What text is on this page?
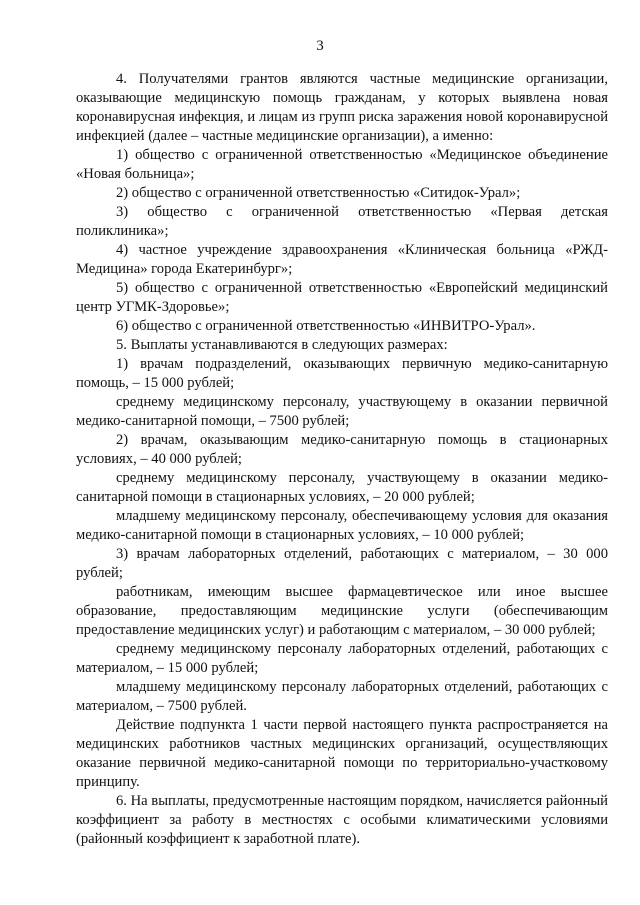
3

4. Получателями грантов являются частные медицинские организации, оказывающие медицинскую помощь гражданам, у которых выявлена новая коронавирусная инфекция, и лицам из групп риска заражения новой коронавирусной инфекцией (далее – частные медицинские организации), а именно:

1) общество с ограниченной ответственностью «Медицинское объединение «Новая больница»;

2) общество с ограниченной ответственностью «Ситидок-Урал»;

3) общество с ограниченной ответственностью «Первая детская поликлиника»;

4) частное учреждение здравоохранения «Клиническая больница «РЖД-Медицина» города Екатеринбург»;

5) общество с ограниченной ответственностью «Европейский медицинский центр УГМК-Здоровье»;

6) общество с ограниченной ответственностью «ИНВИТРО-Урал».

5. Выплаты устанавливаются в следующих размерах:

1) врачам подразделений, оказывающих первичную медико-санитарную помощь, – 15 000 рублей;

среднему медицинскому персоналу, участвующему в оказании первичной медико-санитарной помощи, – 7500 рублей;

2) врачам, оказывающим медико-санитарную помощь в стационарных условиях, – 40 000 рублей;

среднему медицинскому персоналу, участвующему в оказании медико-санитарной помощи в стационарных условиях, – 20 000 рублей;

младшему медицинскому персоналу, обеспечивающему условия для оказания медико-санитарной помощи в стационарных условиях, – 10 000 рублей;

3) врачам лабораторных отделений, работающих с материалом, – 30 000 рублей;

работникам, имеющим высшее фармацевтическое или иное высшее образование, предоставляющим медицинские услуги (обеспечивающим предоставление медицинских услуг) и работающим с материалом, – 30 000 рублей;

среднему медицинскому персоналу лабораторных отделений, работающих с материалом, – 15 000 рублей;

младшему медицинскому персоналу лабораторных отделений, работающих с материалом, – 7500 рублей.

Действие подпункта 1 части первой настоящего пункта распространяется на медицинских работников частных медицинских организаций, осуществляющих оказание первичной медико-санитарной помощи по территориально-участковому принципу.

6. На выплаты, предусмотренные настоящим порядком, начисляется районный коэффициент за работу в местностях с особыми климатическими условиями (районный коэффициент к заработной плате).
